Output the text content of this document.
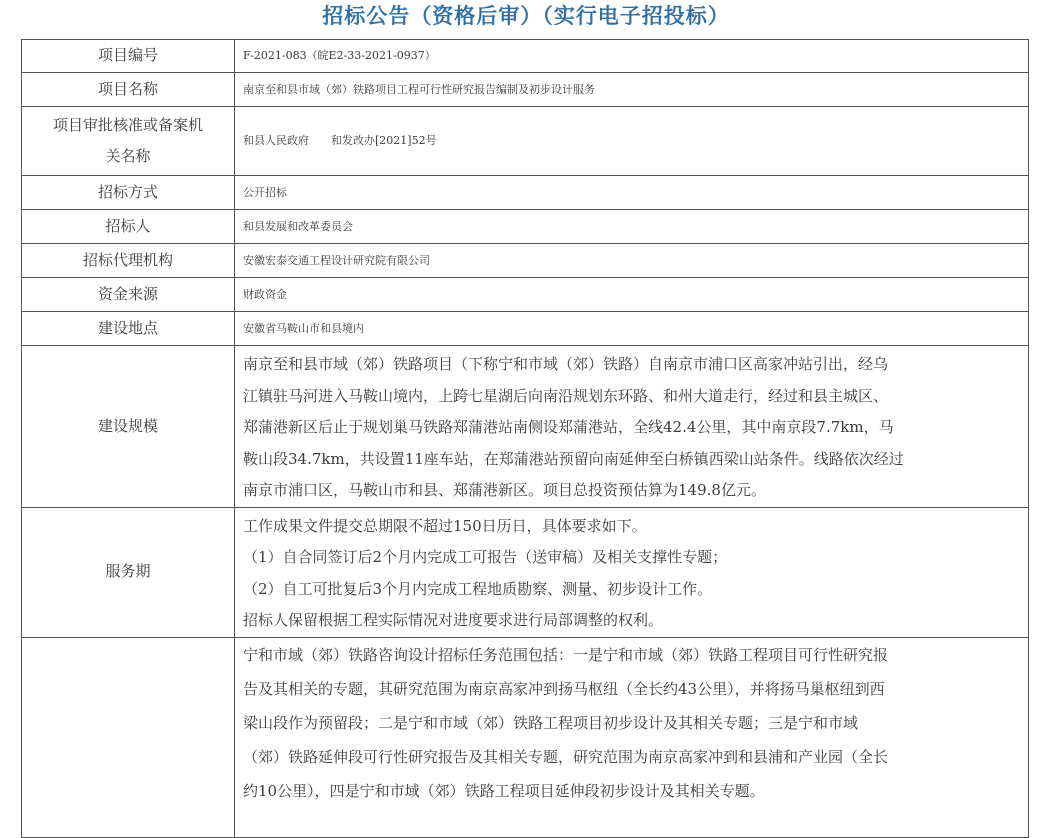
招标公告（资格后审）（实行电子招投标）
项目编号	F-2021-083（皖E2-33-2021-0937）
项目名称	南京至和县市域（郊）铁路项目工程可行性研究报告编制及初步设计服务

项目审批核准或备案机
关名称	和县人民政府　　和发改办[2021]52号
招标方式	公开招标
招标人	和县发展和改革委员会
招标代理机构	安徽宏泰交通工程设计研究院有限公司
资金来源	财政资金
建设地点	安徽省马鞍山市和县境内
建设规模	南京至和县市域（郊）铁路项目（下称宁和市域（郊）铁路）自南京市浦口区高家冲站引出，经乌
江镇驻马河进入马鞍山境内，上跨七星湖后向南沿规划东环路、和州大道走行，经过和县主城区、
郑蒲港新区后止于规划巢马铁路郑蒲港站南侧设郑蒲港站，全线42.4公里，其中南京段7.7km，马
鞍山段34.7km，共设置11座车站，在郑蒲港站预留向南延伸至白桥镇西梁山站条件。线路依次经过
南京市浦口区，马鞍山市和县、郑蒲港新区。项目总投资预估算为149.8亿元。

服务期	工作成果文件提交总期限不超过150日历日，具体要求如下。
（1）自合同签订后2个月内完成工可报告（送审稿）及相关支撑性专题；
（2）自工可批复后3个月内完成工程地质勘察、测量、初步设计工作。
招标人保留根据工程实际情况对进度要求进行局部调整的权利。

	宁和市域（郊）铁路咨询设计招标任务范围包括：一是宁和市域（郊）铁路工程项目可行性研究报
告及其相关的专题，其研究范围为南京高家冲到扬马枢纽（全长约43公里），并将扬马巢枢纽到西
梁山段作为预留段；二是宁和市域（郊）铁路工程项目初步设计及其相关专题；三是宁和市域
（郊）铁路延伸段可行性研究报告及其相关专题，研究范围为南京高家冲到和县浦和产业园（全长
约10公里），四是宁和市域（郊）铁路工程项目延伸段初步设计及其相关专题。
